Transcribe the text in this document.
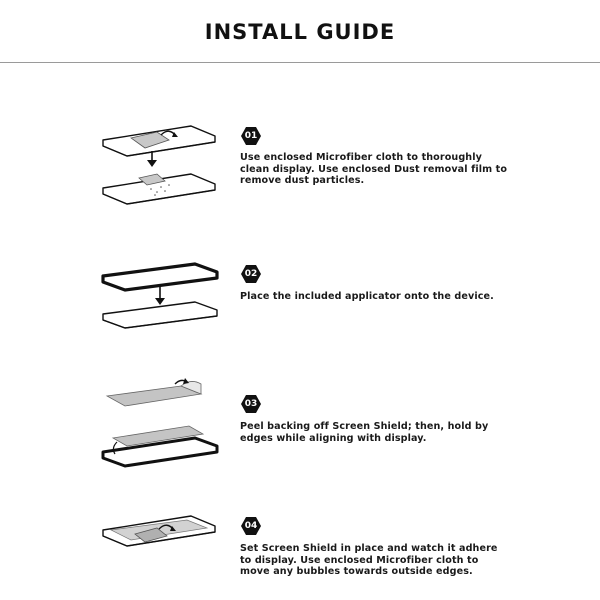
INSTALL GUIDE
01
Use enclosed Microfiber cloth to thoroughly clean display. Use enclosed Dust removal film to remove dust particles.
02
Place the included applicator onto the device.
03
Peel backing off Screen Shield; then, hold by edges while aligning with display.
04
Set Screen Shield in place and watch it adhere to display. Use enclosed Microfiber cloth to move any bubbles towards outside edges.
